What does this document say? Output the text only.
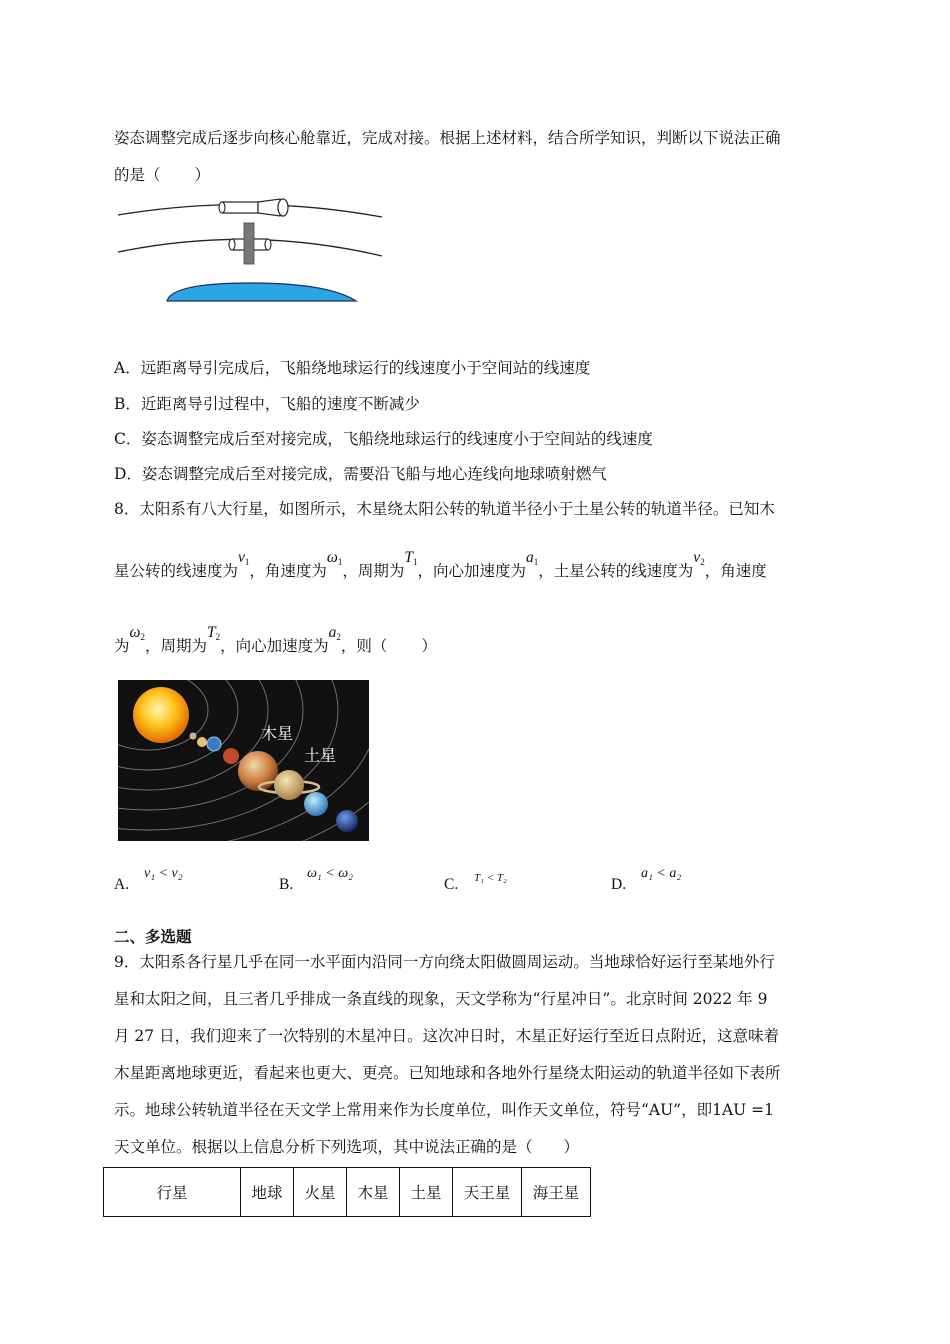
姿态调整完成后逐步向核心舱靠近，完成对接。根据上述材料，结合所学知识，判断以下说法正确
的是（ ）
A．远距离导引完成后，飞船绕地球运行的线速度小于空间站的线速度
B．近距离导引过程中，飞船的速度不断减少
C．姿态调整完成后至对接完成，飞船绕地球运行的线速度小于空间站的线速度
D．姿态调整完成后至对接完成，需要沿飞船与地心连线向地球喷射燃气
8．太阳系有八大行星，如图所示，木星绕太阳公转的轨道半径小于土星公转的轨道半径。已知木
星公转的线速度为v1，角速度为ω1，周期为T1，向心加速度为a1，土星公转的线速度为v2，角速度
为ω2，周期为T2，向心加速度为a2，则（ ）
木星
土星
A.
v₁ < v₂
B.
ω₁ < ω₂
C. T₁ < T₂	D.
a₁ < a₂
二、多选题
9．太阳系各行星几乎在同一水平面内沿同一方向绕太阳做圆周运动。当地球恰好运行至某地外行
星和太阳之间，且三者几乎排成一条直线的现象，天文学称为“行星冲日”。北京时间 2022 年 9
月 27 日，我们迎来了一次特别的木星冲日。这次冲日时，木星正好运行至近日点附近，这意味着
木星距离地球更近，看起来也更大、更亮。已知地球和各地外行星绕太阳运动的轨道半径如下表所
示。地球公转轨道半径在天文学上常用来作为长度单位，叫作天文单位，符号“AU”，即1AU =1
天文单位。根据以上信息分析下列选项，其中说法正确的是（　　）
行星	地球	火星	木星	土星	天王星	海王星
